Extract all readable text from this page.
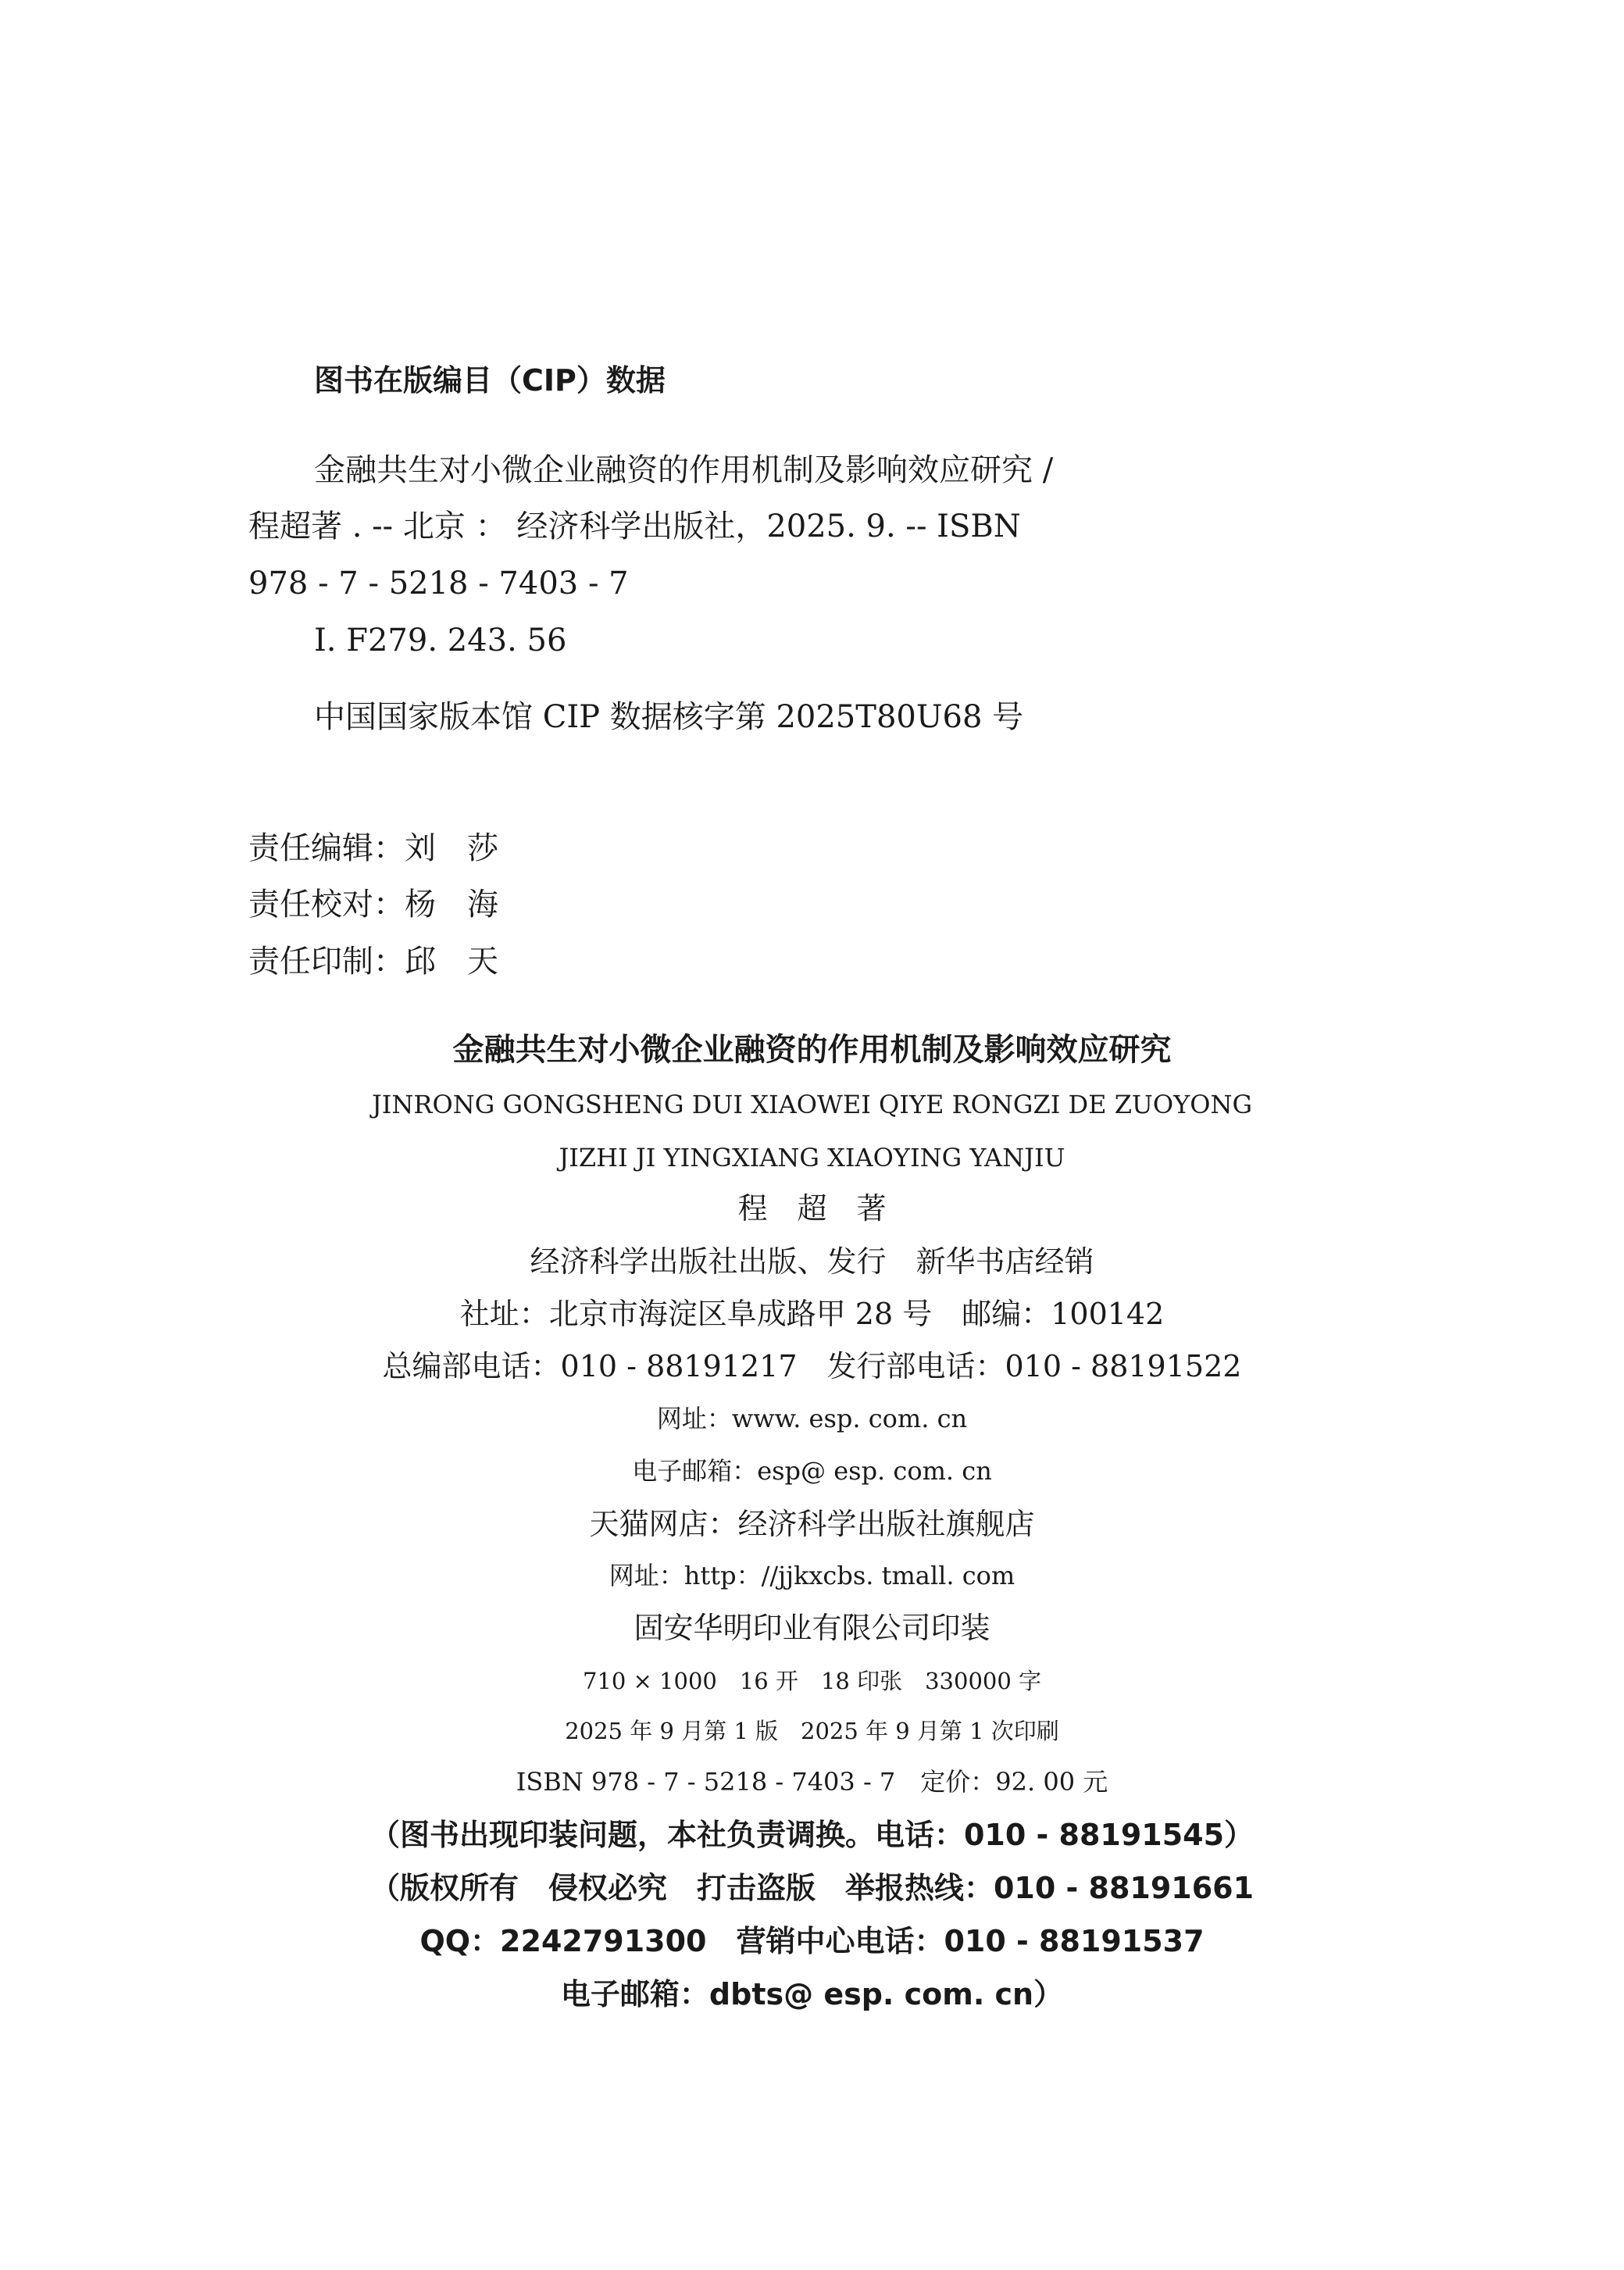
图书在版编目（CIP）数据
金融共生对小微企业融资的作用机制及影响效应研究 /
程超著 . -- 北京 ： 经济科学出版社，2025. 9. -- ISBN
978 - 7 - 5218 - 7403 - 7
Ⅰ. F279. 243. 56
中国国家版本馆 CIP 数据核字第 2025T80U68 号
责任编辑：刘　莎
责任校对：杨　海
责任印制：邱　天
金融共生对小微企业融资的作用机制及影响效应研究
JINRONG GONGSHENG DUI XIAOWEI QIYE RONGZI DE ZUOYONG
JIZHI JI YINGXIANG XIAOYING YANJIU
程　超　著
经济科学出版社出版、发行　新华书店经销
社址：北京市海淀区阜成路甲 28 号　邮编：100142
总编部电话：010 - 88191217　发行部电话：010 - 88191522
网址：www. esp. com. cn
电子邮箱：esp@ esp. com. cn
天猫网店：经济科学出版社旗舰店
网址：http：//jjkxcbs. tmall. com
固安华明印业有限公司印装
710 × 1000　16 开　18 印张　330000 字
2025 年 9 月第 1 版　2025 年 9 月第 1 次印刷
ISBN 978 - 7 - 5218 - 7403 - 7　定价：92. 00 元
（图书出现印装问题，本社负责调换。电话：010 - 88191545）
（版权所有　侵权必究　打击盗版　举报热线：010 - 88191661
QQ：2242791300　营销中心电话：010 - 88191537
电子邮箱：dbts@ esp. com. cn）
